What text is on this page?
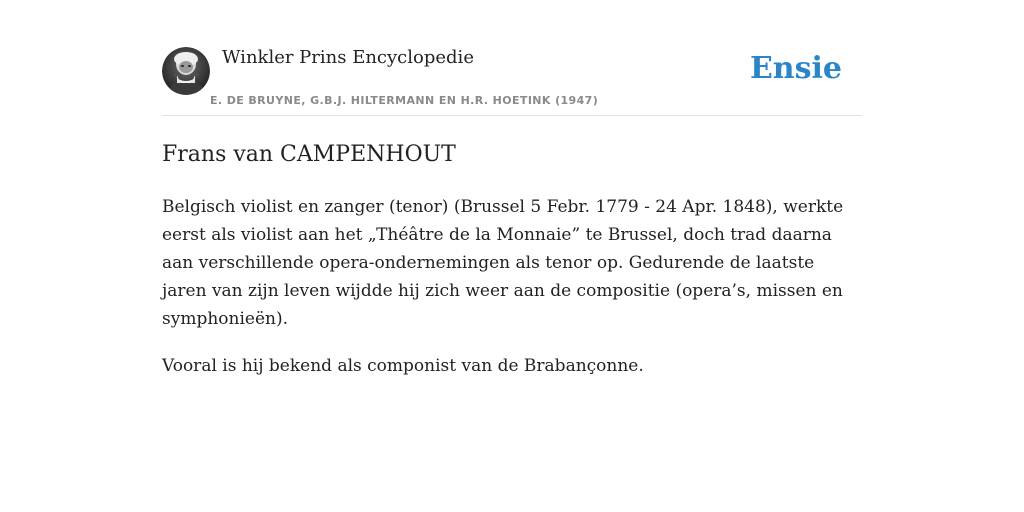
Winkler Prins Encyclopedie

E. DE BRUYNE, G.B.J. HILTERMANN EN H.R. HOETINK (1947)
Ensie
Frans van CAMPENHOUT

Belgisch violist en zanger (tenor) (Brussel 5 Febr. 1779 - 24 Apr. 1848), werkte eerst als violist aan het „Théâtre de la Monnaie” te Brussel, doch trad daarna aan verschillende opera-ondernemingen als tenor op. Gedurende de laatste jaren van zijn leven wijdde hij zich weer aan de compositie (opera’s, missen en symphonieën).

Vooral is hij bekend als componist van de Brabançonne.
